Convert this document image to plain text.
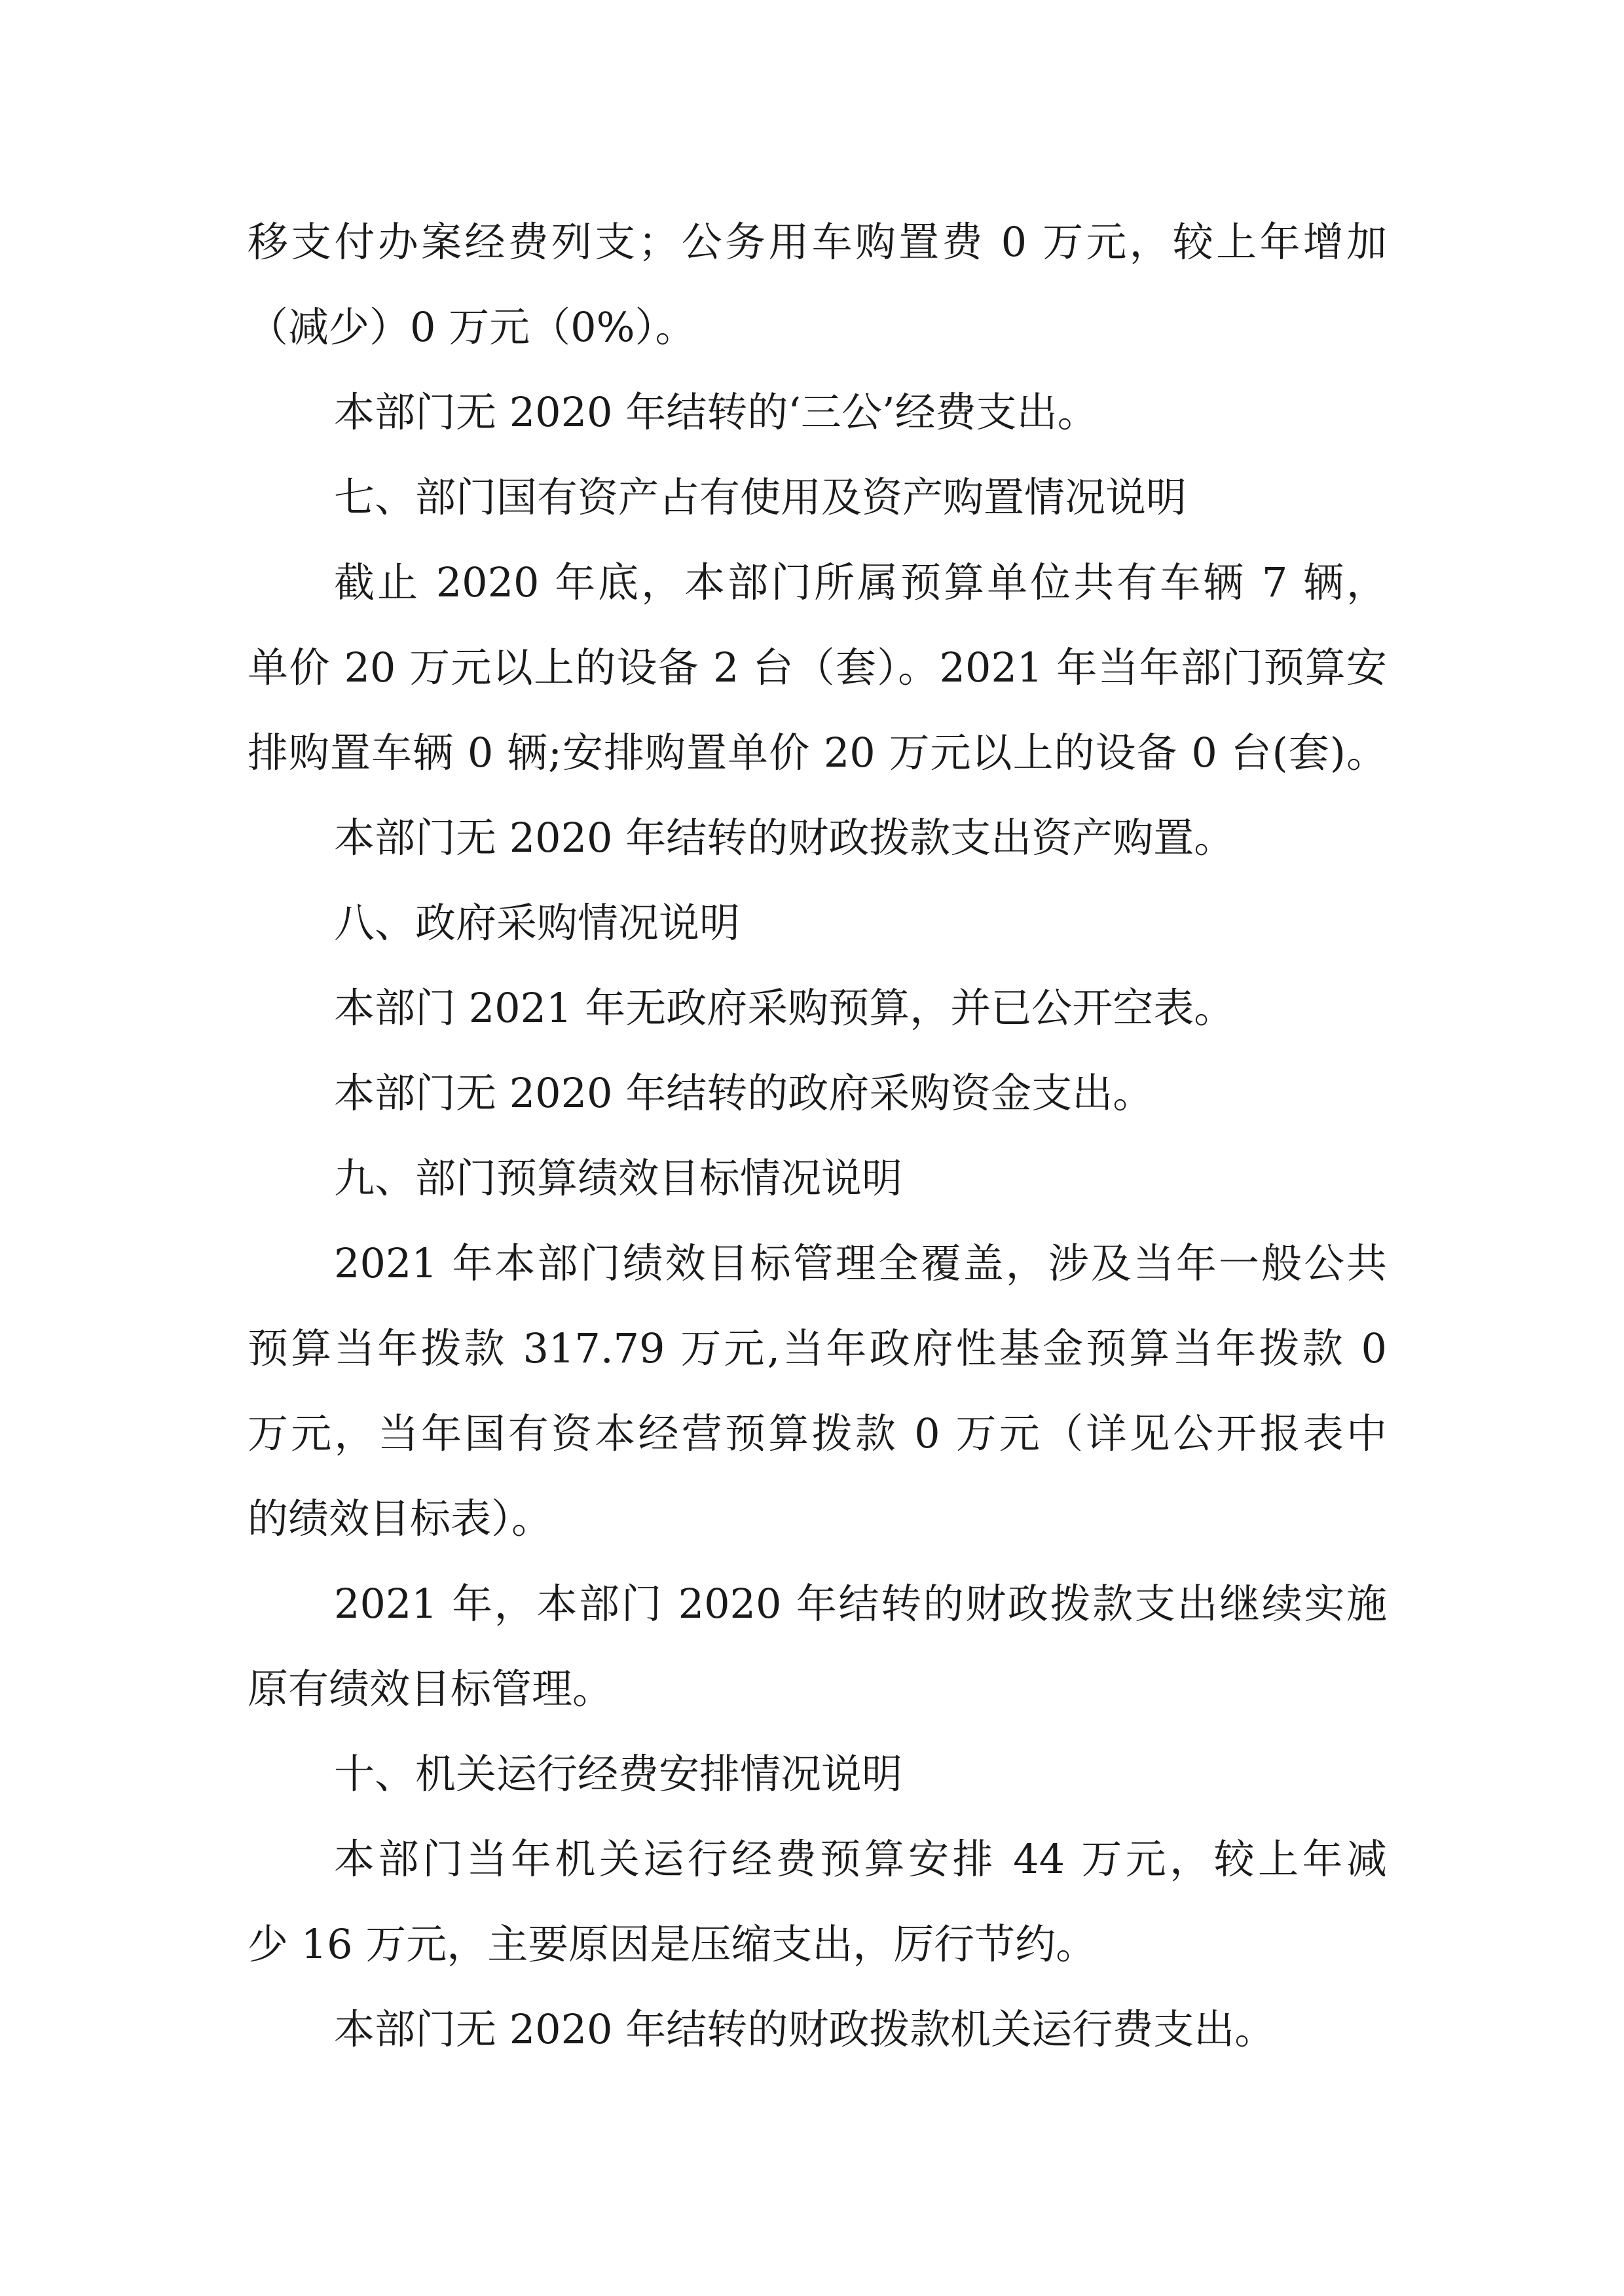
移支付办案经费列支；公务用车购置费 0 万元，较上年增加
（减少）0 万元（0%）。
本部门无 2020 年结转的‘三公’经费支出。
七、部门国有资产占有使用及资产购置情况说明
截止 2020 年底，本部门所属预算单位共有车辆 7 辆，
单价 20 万元以上的设备 2 台（套）。2021 年当年部门预算安
排购置车辆 0 辆;安排购置单价 20 万元以上的设备 0 台(套)。
本部门无 2020 年结转的财政拨款支出资产购置。
八、政府采购情况说明
本部门 2021 年无政府采购预算，并已公开空表。
本部门无 2020 年结转的政府采购资金支出。
九、部门预算绩效目标情况说明
2021 年本部门绩效目标管理全覆盖，涉及当年一般公共
预算当年拨款 317.79 万元,当年政府性基金预算当年拨款 0
万元，当年国有资本经营预算拨款 0 万元（详见公开报表中
的绩效目标表）。
2021 年，本部门 2020 年结转的财政拨款支出继续实施
原有绩效目标管理。
十、机关运行经费安排情况说明
本部门当年机关运行经费预算安排 44 万元，较上年减
少 16 万元，主要原因是压缩支出，厉行节约。
本部门无 2020 年结转的财政拨款机关运行费支出。
